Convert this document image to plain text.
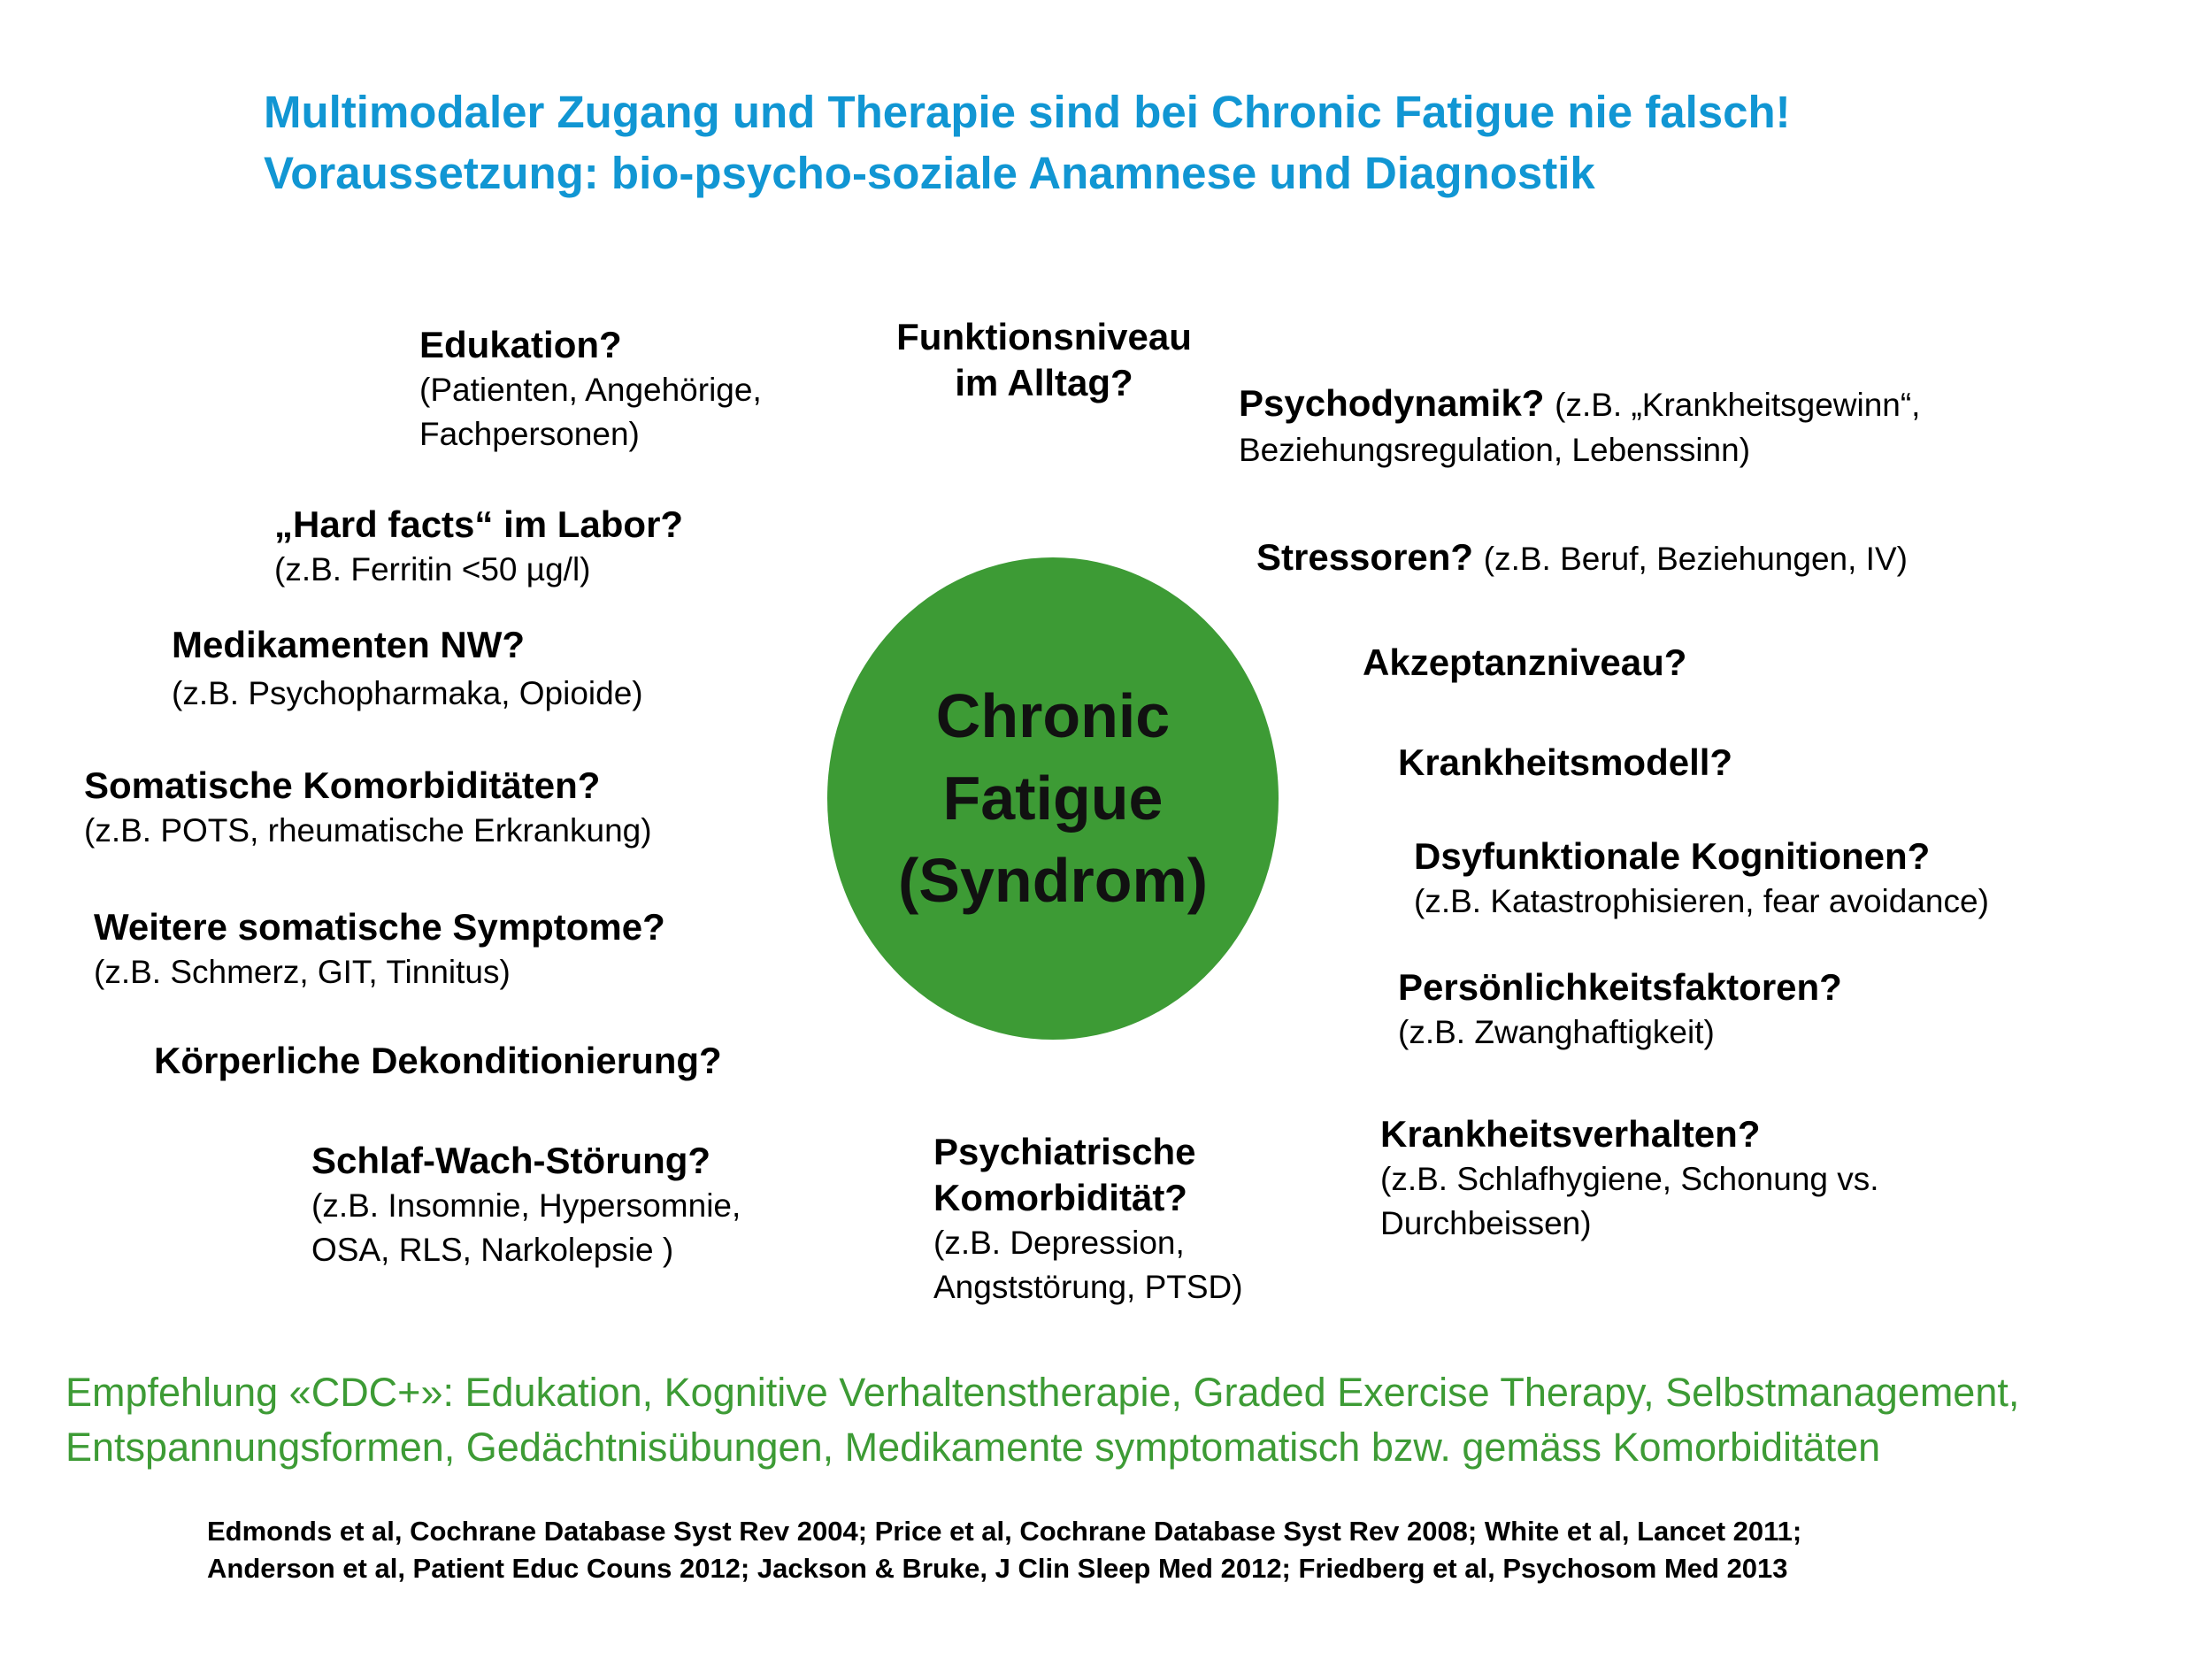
Multimodaler Zugang und Therapie sind bei Chronic Fatigue nie falsch!
Voraussetzung: bio-psycho-soziale Anamnese und Diagnostik
Chronic
Fatigue
(Syndrom)
Edukation?
(Patienten, Angehörige,
Fachpersonen)
„Hard facts“ im Labor?
(z.B. Ferritin <50 µg/l)
Medikamenten NW?
(z.B. Psychopharmaka, Opioide)
Somatische Komorbiditäten?
(z.B. POTS, rheumatische Erkrankung)
Weitere somatische Symptome?
(z.B. Schmerz, GIT, Tinnitus)
Körperliche Dekonditionierung?
Schlaf-Wach-Störung?
(z.B. Insomnie, Hypersomnie,
OSA, RLS, Narkolepsie )
Funktionsniveau
im Alltag?
Psychiatrische
Komorbidität?
(z.B. Depression,
Angststörung, PTSD)
Psychodynamik? (z.B. „Krankheitsgewinn“,
Beziehungsregulation, Lebenssinn)
Stressoren? (z.B. Beruf, Beziehungen, IV)
Akzeptanzniveau?
Krankheitsmodell?
Dsyfunktionale Kognitionen?
(z.B. Katastrophisieren, fear avoidance)
Persönlichkeitsfaktoren?
(z.B. Zwanghaftigkeit)
Krankheitsverhalten?
(z.B. Schlafhygiene, Schonung vs.
Durchbeissen)
Empfehlung «CDC+»: Edukation, Kognitive Verhaltenstherapie, Graded Exercise Therapy, Selbstmanagement,
Entspannungsformen, Gedächtnisübungen, Medikamente symptomatisch bzw. gemäss Komorbiditäten
Edmonds et al, Cochrane Database Syst Rev 2004; Price et al, Cochrane Database Syst Rev 2008; White et al, Lancet 2011;
Anderson et al, Patient Educ Couns 2012; Jackson & Bruke, J Clin Sleep Med 2012; Friedberg et al, Psychosom Med 2013
